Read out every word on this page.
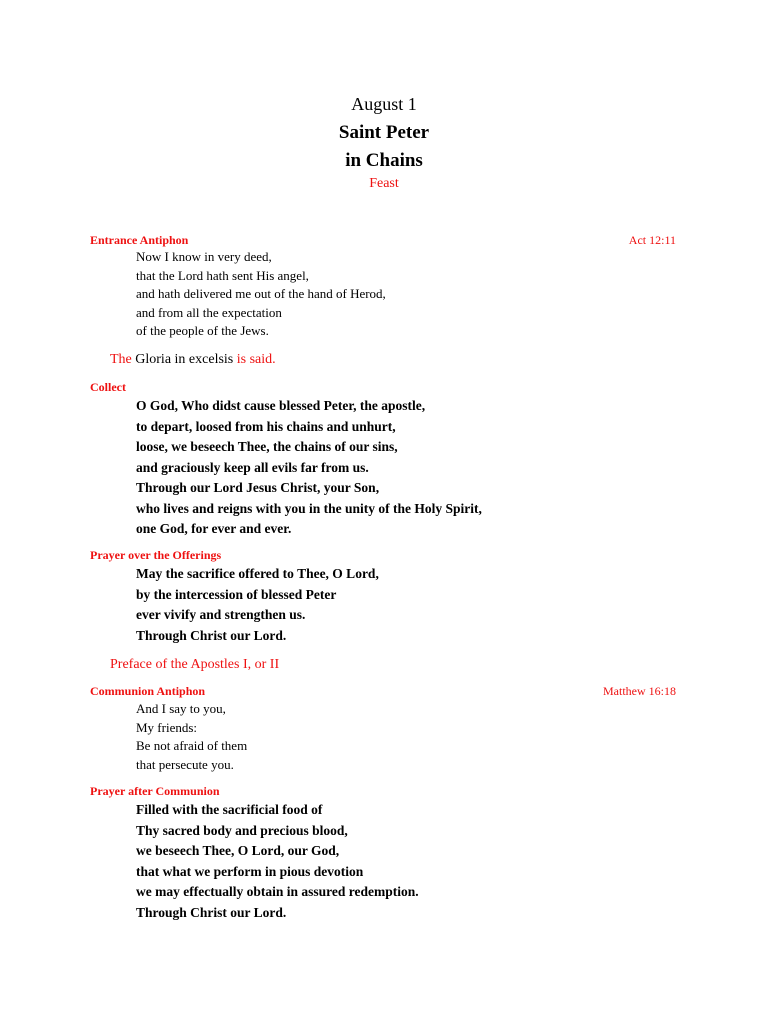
August 1
Saint Peter
in Chains
Feast
Entrance Antiphon	Act 12:11
Now I know in very deed,
that the Lord hath sent His angel,
and hath delivered me out of the hand of Herod,
and from all the expectation
of the people of the Jews.
The Gloria in excelsis is said.
Collect
O God, Who didst cause blessed Peter, the apostle,
to depart, loosed from his chains and unhurt,
loose, we beseech Thee, the chains of our sins,
and graciously keep all evils far from us.
Through our Lord Jesus Christ, your Son,
who lives and reigns with you in the unity of the Holy Spirit,
one God, for ever and ever.
Prayer over the Offerings
May the sacrifice offered to Thee, O Lord,
by the intercession of blessed Peter
ever vivify and strengthen us.
Through Christ our Lord.
Preface of the Apostles I, or II
Communion Antiphon	Matthew 16:18
And I say to you,
My friends:
Be not afraid of them
that persecute you.
Prayer after Communion
Filled with the sacrificial food of
Thy sacred body and precious blood,
we beseech Thee, O Lord, our God,
that what we perform in pious devotion
we may effectually obtain in assured redemption.
Through Christ our Lord.
